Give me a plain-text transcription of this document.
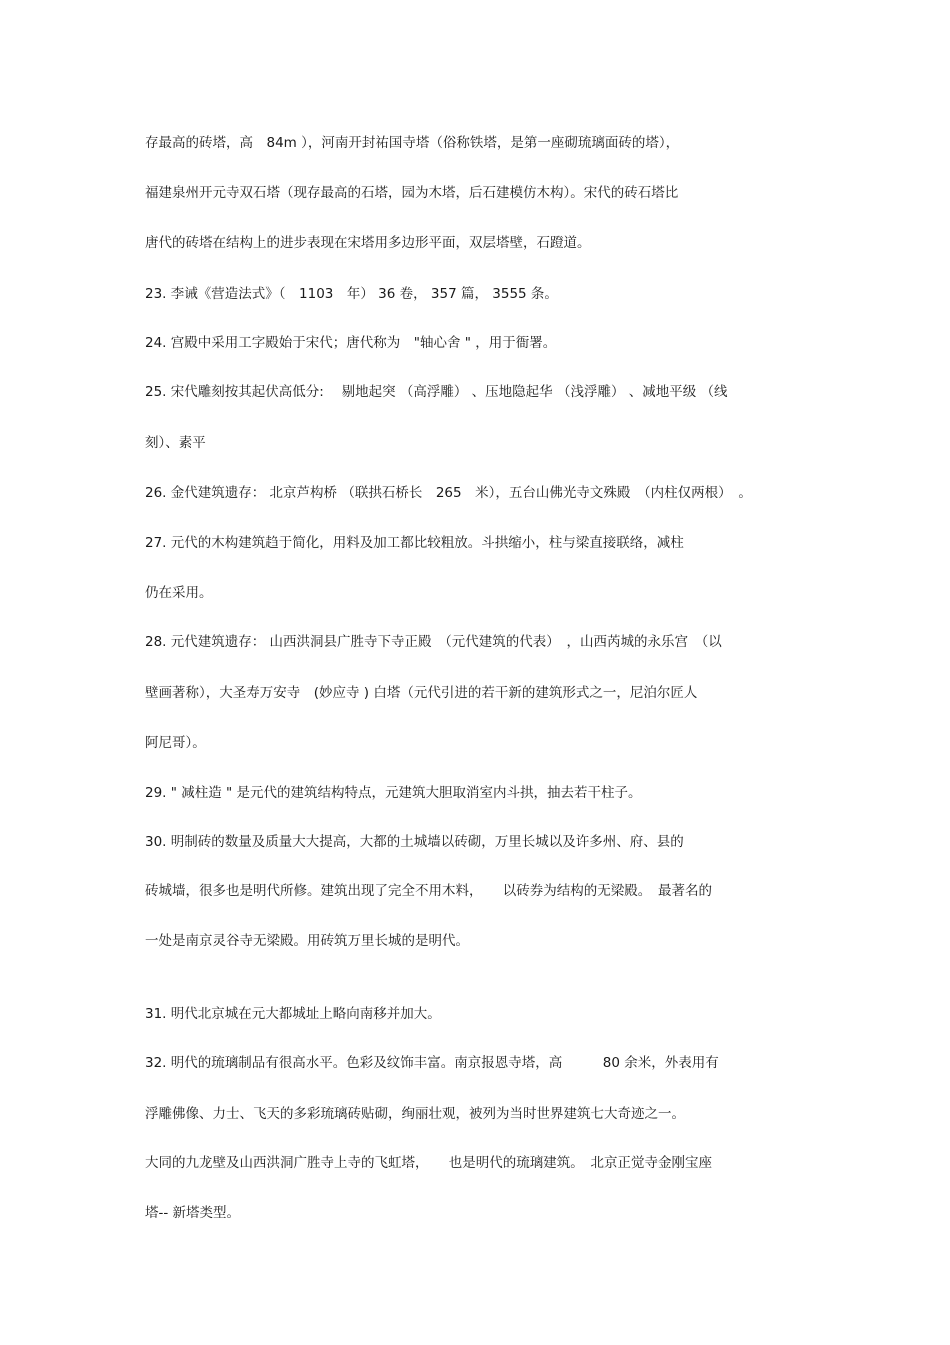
存最高的砖塔，高　84m ），河南开封祐国寺塔（俗称铁塔，是第一座砌琉璃面砖的塔），
福建泉州开元寺双石塔（现存最高的石塔，园为木塔，后石建模仿木构）。宋代的砖石塔比
唐代的砖塔在结构上的进步表现在宋塔用多边形平面，双层塔壁，石蹬道。
23. 李诫《营造法式》（　1103　年） 36 卷， 357 篇， 3555 条。
24. 宫殿中采用工字殿始于宋代；唐代称为　"轴心舍 " ，用于衙署。
25. 宋代雕刻按其起伏高低分:　 剔地起突 （高浮雕） 、压地隐起华 （浅浮雕） 、减地平级 （线
刻）、素平
26. 金代建筑遗存： 北京芦构桥 （联拱石桥长　265　米），五台山佛光寺文殊殿　（内柱仅两根）　。
27. 元代的木构建筑趋于简化，用料及加工都比较粗放。斗拱缩小，柱与梁直接联络，减柱
仍在采用。
28. 元代建筑遗存： 山西洪洞县广胜寺下寺正殿　（元代建筑的代表）　，山西芮城的永乐宫　（以
壁画著称），大圣寿万安寺　(妙应寺 ) 白塔（元代引进的若干新的建筑形式之一，尼泊尔匠人
阿尼哥）。
29. " 减柱造 " 是元代的建筑结构特点，元建筑大胆取消室内斗拱，抽去若干柱子。
30. 明制砖的数量及质量大大提高，大都的土城墙以砖砌，万里长城以及许多州、府、县的
砖城墙，很多也是明代所修。建筑出现了完全不用木料，　　以砖券为结构的无梁殿。　最著名的
一处是南京灵谷寺无梁殿。用砖筑万里长城的是明代。
31. 明代北京城在元大都城址上略向南移并加大。
32. 明代的琉璃制品有很高水平。色彩及纹饰丰富。南京报恩寺塔，高　　　80 余米，外表用有
浮雕佛像、力士、飞天的多彩琉璃砖贴砌，绚丽壮观，被列为当时世界建筑七大奇迹之一。
大同的九龙壁及山西洪洞广胜寺上寺的飞虹塔，　　也是明代的琉璃建筑。　北京正觉寺金刚宝座
塔-- 新塔类型。
